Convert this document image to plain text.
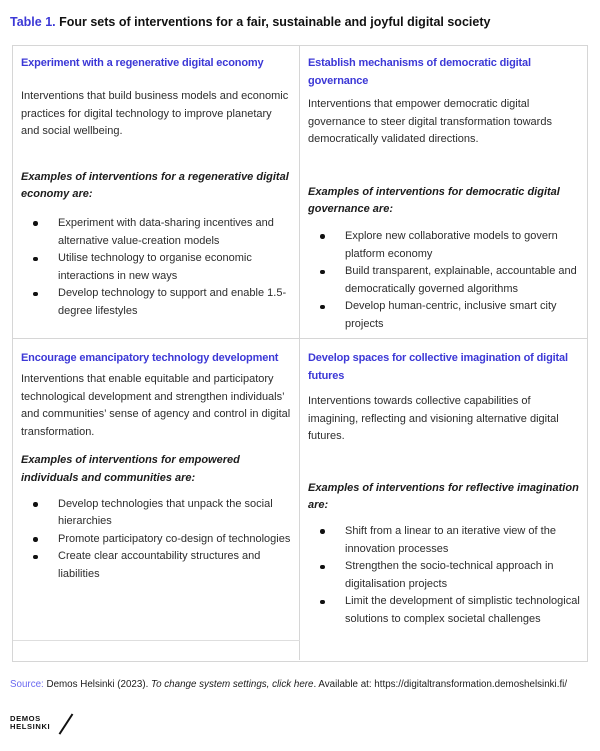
Table 1. Four sets of interventions for a fair, sustainable and joyful digital society
Experiment with a regenerative digital economy

Interventions that build business models and economic practices for digital technology to improve planetary and social wellbeing.

Examples of interventions for a regenerative digital economy are:

Experiment with data-sharing incentives and alternative value-creation models
Utilise technology to organise economic interactions in new ways
Develop technology to support and enable 1.5-degree lifestyles
Establish mechanisms of democratic digital governance

Interventions that empower democratic digital governance to steer digital transformation towards democratically validated directions.

Examples of interventions for democratic digital governance are:

Explore new collaborative models to govern platform economy
Build transparent, explainable, accountable and democratically governed algorithms
Develop human-centric, inclusive smart city projects
Encourage emancipatory technology development

Interventions that enable equitable and participatory technological development and strengthen individuals’ and communities’ sense of agency and control in digital transformation.

Examples of interventions for empowered individuals and communities are:

Develop technologies that unpack the social hierarchies
Promote participatory co-design of technologies
Create clear accountability structures and liabilities
Develop spaces for collective imagination of digital futures

Interventions towards collective capabilities of imagining, reflecting and visioning alternative digital futures.

Examples of interventions for reflective imagination are:

Shift from a linear to an iterative view of the innovation processes
Strengthen the socio-technical approach in digitalisation projects
Limit the development of simplistic technological solutions to complex societal challenges
Source: Demos Helsinki (2023). To change system settings, click here. Available at: https://digitaltransformation.demoshelsinki.fi/
DEMOS
HELSINKI
